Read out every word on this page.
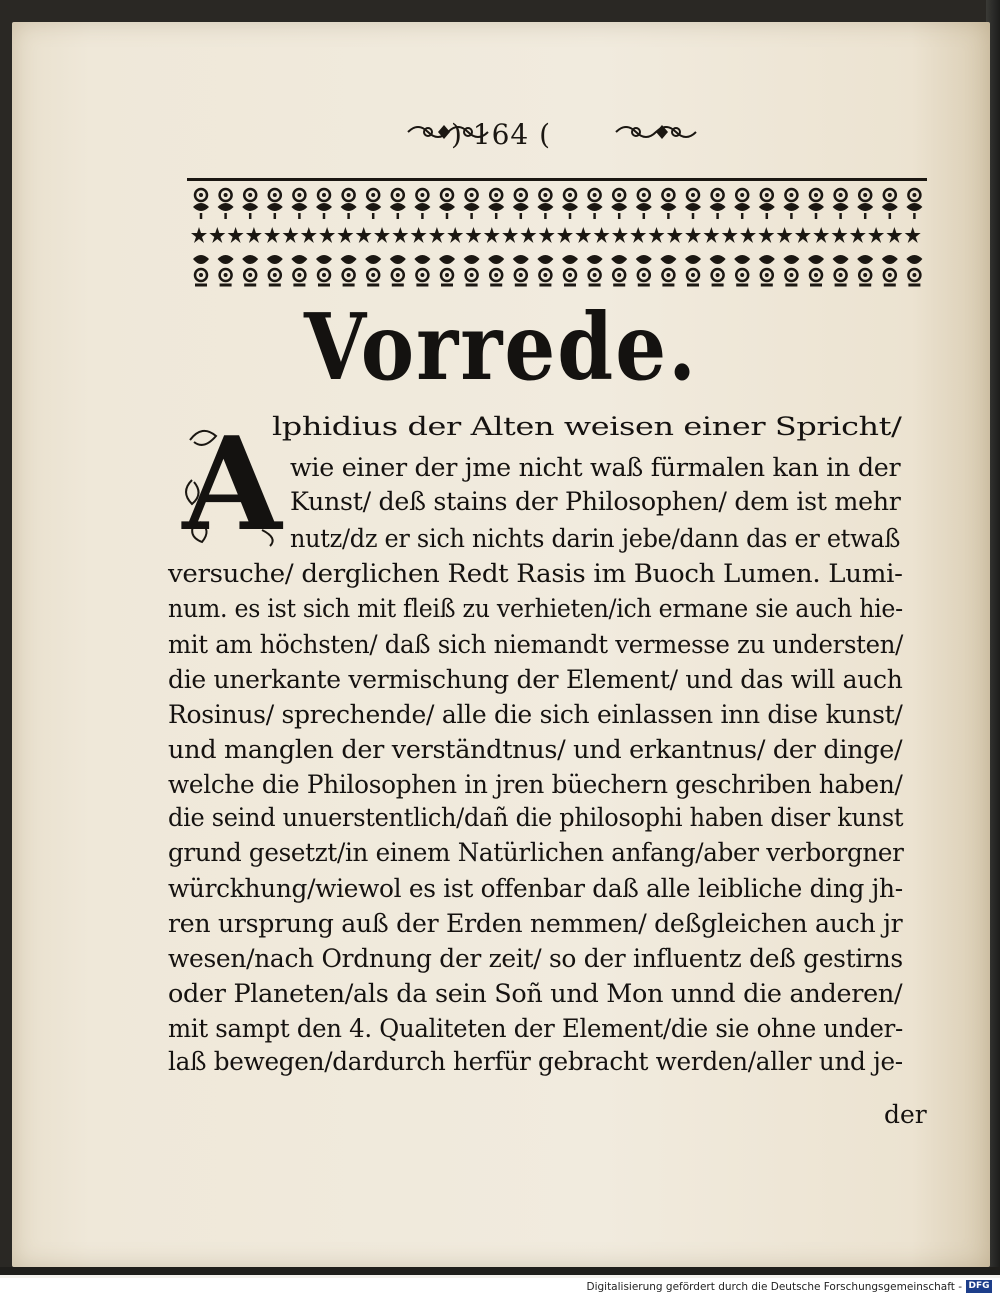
) 164 (
Vorrede.
A
lphidius der Alten weisen einer Spricht/
wie einer der jme nicht waß fürmalen kan in der
Kunst/ deß stains der Philosophen/ dem ist mehr
nutz/dz er sich nichts darin jebe/dann das er etwaß
versuche/ derglichen Redt Rasis im Buoch Lumen. Lumi-
num. es ist sich mit fleiß zu verhieten/ich ermane sie auch hie-
mit am höchsten/ daß sich niemandt vermesse zu understen/
die unerkante vermischung der Element/ und das will auch
Rosinus/ sprechende/ alle die sich einlassen inn dise kunst/
und manglen der verständtnus/ und erkantnus/ der dinge/
welche die Philosophen in jren büechern geschriben haben/
die seind unuerstentlich/dañ die philosophi haben diser kunst
grund gesetzt/in einem Natürlichen anfang/aber verborgner
würckhung/wiewol es ist offenbar daß alle leibliche ding jh-
ren ursprung auß der Erden nemmen/ deßgleichen auch jr
wesen/nach Ordnung der zeit/ so der influentz deß gestirns
oder Planeten/als da sein Soñ und Mon unnd die anderen/
mit sampt den 4. Qualiteten der Element/die sie ohne under-
laß bewegen/dardurch herfür gebracht werden/aller und je-
der
Digitalisierung gefördert durch die Deutsche Forschungsgemeinschaft - DFG
